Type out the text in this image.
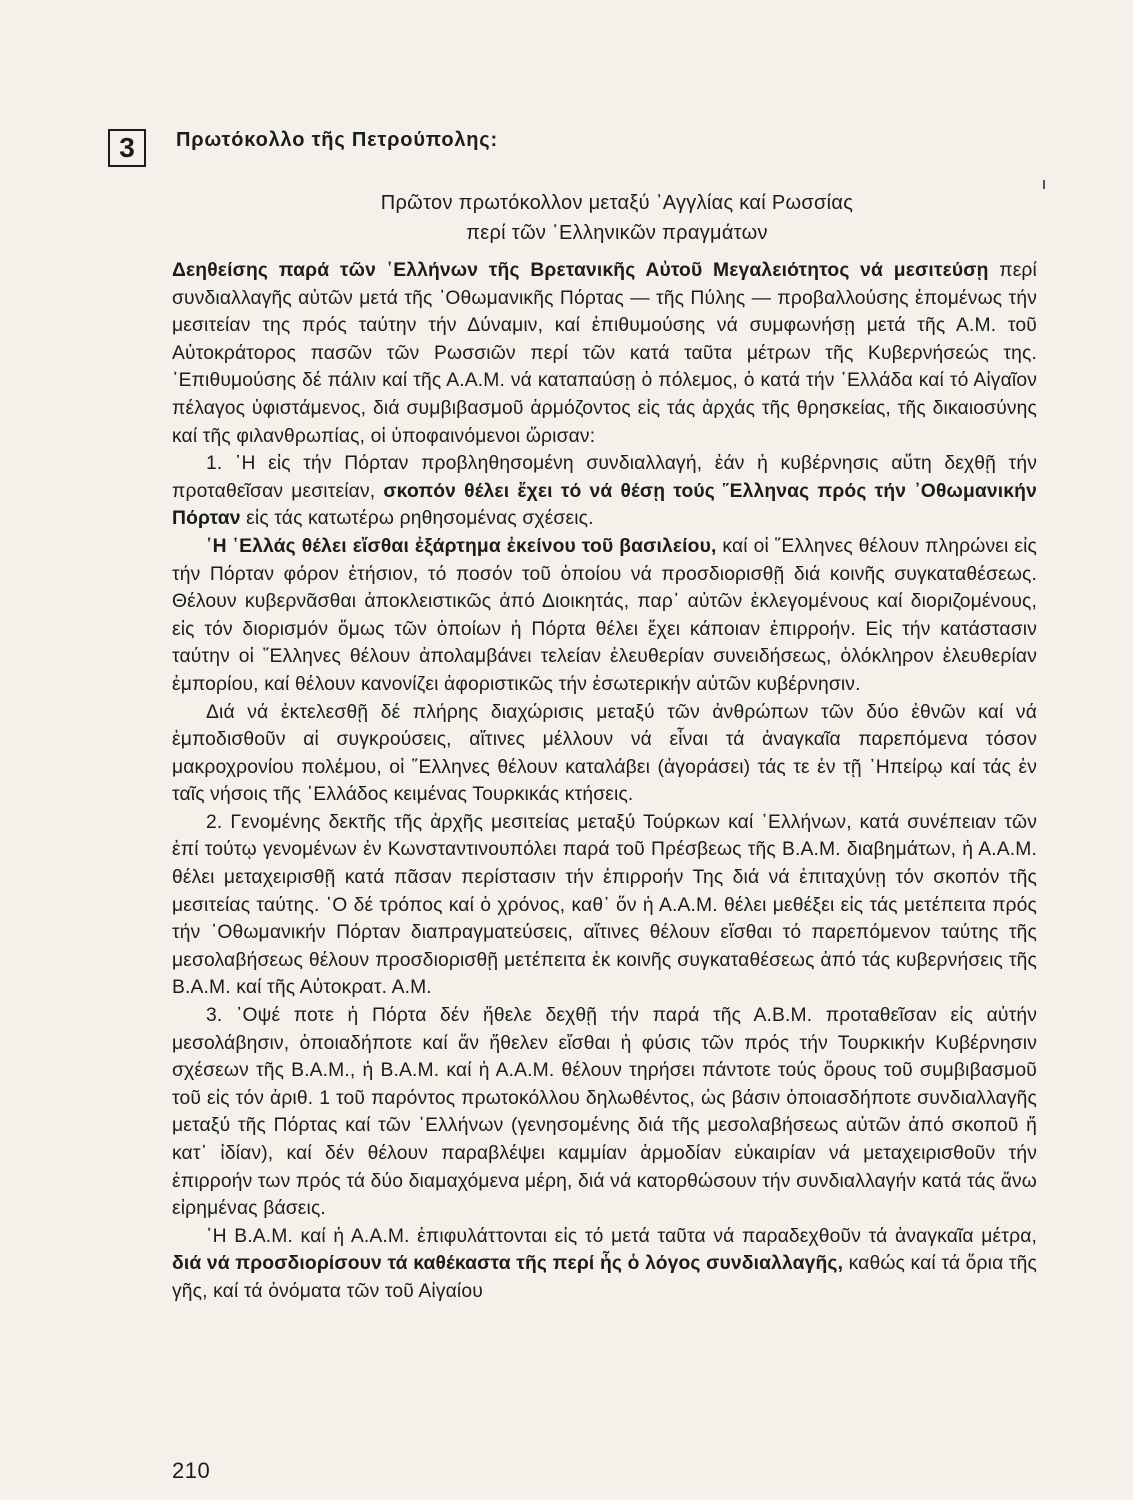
3	Πρωτόκολλο τῆς Πετρούπολης:
Πρῶτον πρωτόκολλον μεταξύ ᾿Αγγλίας καί Ρωσσίας
περί τῶν ῾Ελληνικῶν πραγμάτων

Δεηθείσης παρά τῶν ῾Ελλήνων τῆς Βρετανικῆς Αὐτοῦ Μεγαλειότητος νά μεσιτεύσῃ περί συνδιαλλαγῆς αὐτῶν μετά τῆς ᾿Οθωμανικῆς Πόρτας — τῆς Πύλης — προβαλλούσης ἑπομένως τήν μεσιτείαν της πρός ταύτην τήν Δύναμιν, καί ἐπιθυμούσης νά συμφωνήσῃ μετά τῆς Α.Μ. τοῦ Αὐτοκράτορος πασῶν τῶν Ρωσσιῶν περί τῶν κατά ταῦτα μέτρων τῆς Κυβερνήσεώς της. ᾿Επιθυμούσης δέ πάλιν καί τῆς Α.Α.Μ. νά καταπαύσῃ ὁ πόλεμος, ὁ κατά τήν ῾Ελλάδα καί τό Αἰγαῖον πέλαγος ὑφιστάμενος, διά συμβιβασμοῦ ἁρμόζοντος εἰς τάς ἀρχάς τῆς θρησκείας, τῆς δικαιοσύνης καί τῆς φιλανθρωπίας, οἱ ὑποφαινόμενοι ὥρισαν:

1. ῾Η εἰς τήν Πόρταν προβληθησομένη συνδιαλλαγή, ἐάν ἡ κυβέρνησις αὕτη δεχθῇ τήν προταθεῖσαν μεσιτείαν, σκοπόν θέλει ἔχει τό νά θέσῃ τούς ῞Ελληνας πρός τήν ᾿Οθωμανικήν Πόρταν εἰς τάς κατωτέρω ρηθησομένας σχέσεις.

῾Η ῾Ελλάς θέλει εἴσθαι ἐξάρτημα ἐκείνου τοῦ βασιλείου, καί οἱ ῞Ελληνες θέλουν πληρώνει εἰς τήν Πόρταν φόρον ἐτήσιον, τό ποσόν τοῦ ὁποίου νά προσδιορισθῇ διά κοινῆς συγκαταθέσεως. Θέλουν κυβερνᾶσθαι ἀποκλειστικῶς ἀπό Διοικητάς, παρ᾿ αὐτῶν ἐκλεγομένους καί διοριζομένους, εἰς τόν διορισμόν ὅμως τῶν ὁποίων ἡ Πόρτα θέλει ἔχει κάποιαν ἐπιρροήν. Εἰς τήν κατάστασιν ταύτην οἱ ῞Ελληνες θέλουν ἀπολαμβάνει τελείαν ἐλευθερίαν συνειδήσεως, ὁλόκληρον ἐλευθερίαν ἐμπορίου, καί θέλουν κανονίζει ἀφοριστικῶς τήν ἐσωτερικήν αὐτῶν κυβέρνησιν.

Διά νά ἐκτελεσθῇ δέ πλήρης διαχώρισις μεταξύ τῶν ἀνθρώπων τῶν δύο ἐθνῶν καί νά ἐμποδισθοῦν αἱ συγκρούσεις, αἵτινες μέλλουν νά εἶναι τά ἀναγκαῖα παρεπόμενα τόσον μακροχρονίου πολέμου, οἱ ῞Ελληνες θέλουν καταλάβει (ἀγοράσει) τάς τε ἐν τῇ ᾿Ηπείρῳ καί τάς ἐν ταῖς νήσοις τῆς ῾Ελλάδος κειμένας Τουρκικάς κτήσεις.

2. Γενομένης δεκτῆς τῆς ἀρχῆς μεσιτείας μεταξύ Τούρκων καί ῾Ελλήνων, κατά συνέπειαν τῶν ἐπί τούτῳ γενομένων ἐν Κωνσταντινουπόλει παρά τοῦ Πρέσβεως τῆς Β.Α.Μ. διαβημάτων, ἡ Α.Α.Μ. θέλει μεταχειρισθῇ κατά πᾶσαν περίστασιν τήν ἐπιρροήν Της διά νά ἐπιταχύνῃ τόν σκοπόν τῆς μεσιτείας ταύτης. ῾Ο δέ τρόπος καί ὁ χρόνος, καθ᾿ ὅν ἡ Α.Α.Μ. θέλει μεθέξει εἰς τάς μετέπειτα πρός τήν ᾿Οθωμανικήν Πόρταν διαπραγματεύσεις, αἵτινες θέλουν εἴσθαι τό παρεπόμενον ταύτης τῆς μεσολαβήσεως θέλουν προσδιορισθῇ μετέπειτα ἐκ κοινῆς συγκαταθέσεως ἀπό τάς κυβερνήσεις τῆς Β.Α.Μ. καί τῆς Αὐτοκρατ. Α.Μ.

3. ᾿Οψέ ποτε ἡ Πόρτα δέν ἤθελε δεχθῇ τήν παρά τῆς Α.Β.Μ. προταθεῖσαν εἰς αὐτήν μεσολάβησιν, ὁποιαδήποτε καί ἄν ἤθελεν εἴσθαι ἡ φύσις τῶν πρός τήν Τουρκικήν Κυβέρνησιν σχέσεων τῆς Β.Α.Μ., ἡ Β.Α.Μ. καί ἡ Α.Α.Μ. θέλουν τηρήσει πάντοτε τούς ὅρους τοῦ συμβιβασμοῦ τοῦ εἰς τόν ἀριθ. 1 τοῦ παρόντος πρωτοκόλλου δηλωθέντος, ὡς βάσιν ὁποιασδήποτε συνδιαλλαγῆς μεταξύ τῆς Πόρτας καί τῶν ῾Ελλήνων (γενησομένης διά τῆς μεσολαβήσεως αὐτῶν ἀπό σκοποῦ ἤ κατ᾿ ἰδίαν), καί δέν θέλουν παραβλέψει καμμίαν ἁρμοδίαν εὐκαιρίαν νά μεταχειρισθοῦν τήν ἐπιρροήν των πρός τά δύο διαμαχόμενα μέρη, διά νά κατορθώσουν τήν συνδιαλλαγήν κατά τάς ἄνω εἰρημένας βάσεις.

῾Η Β.Α.Μ. καί ἡ Α.Α.Μ. ἐπιφυλάττονται εἰς τό μετά ταῦτα νά παραδεχθοῦν τά ἀναγκαῖα μέτρα, διά νά προσδιορίσουν τά καθέκαστα τῆς περί ἧς ὁ λόγος συνδιαλλαγῆς, καθώς καί τά ὅρια τῆς γῆς, καί τά ὀνόματα τῶν τοῦ Αἰγαίου

210
